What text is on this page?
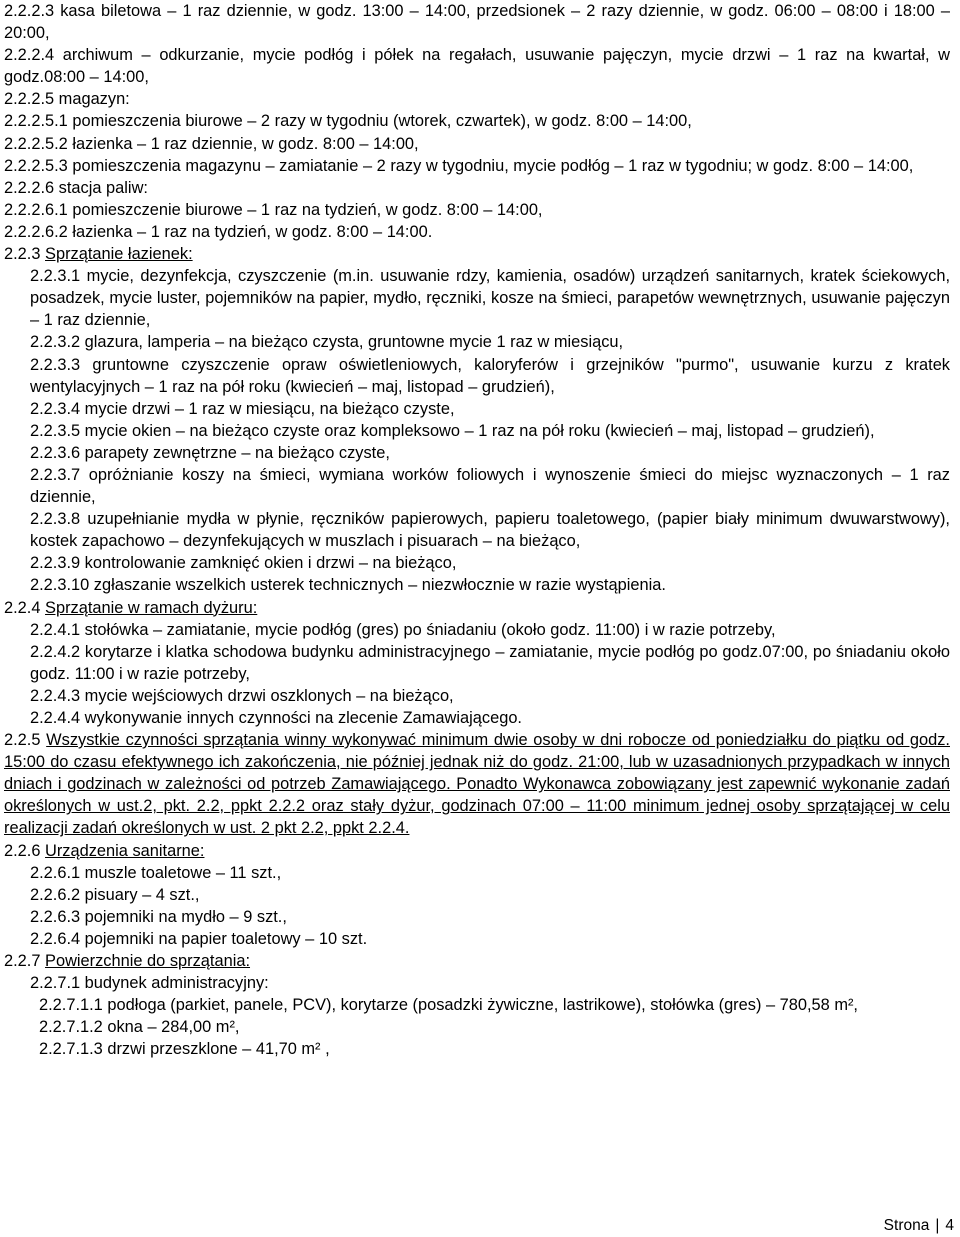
2.2.2.3 kasa biletowa – 1 raz dziennie, w godz. 13:00 – 14:00, przedsionek – 2 razy dziennie, w godz. 06:00 – 08:00 i 18:00 – 20:00,

2.2.2.4 archiwum – odkurzanie, mycie podłóg i półek na regałach, usuwanie pajęczyn, mycie drzwi – 1 raz na kwartał, w godz.08:00 – 14:00,

2.2.2.5 magazyn:

2.2.2.5.1 pomieszczenia biurowe – 2 razy w tygodniu (wtorek, czwartek), w godz. 8:00 – 14:00,

2.2.2.5.2 łazienka – 1 raz dziennie, w godz. 8:00 – 14:00,

2.2.2.5.3 pomieszczenia magazynu – zamiatanie – 2 razy w tygodniu, mycie podłóg – 1 raz w tygodniu; w godz. 8:00 – 14:00,

2.2.2.6 stacja paliw:

2.2.2.6.1 pomieszczenie biurowe – 1 raz na tydzień, w godz. 8:00 – 14:00,

2.2.2.6.2 łazienka – 1 raz na tydzień, w godz. 8:00 – 14:00.

2.2.3 Sprzątanie łazienek:

2.2.3.1 mycie, dezynfekcja, czyszczenie (m.in. usuwanie rdzy, kamienia, osadów) urządzeń sanitarnych, kratek ściekowych, posadzek, mycie luster, pojemników na papier, mydło, ręczniki, kosze na śmieci, parapetów wewnętrznych, usuwanie pajęczyn – 1 raz dziennie,

2.2.3.2 glazura, lamperia – na bieżąco czysta, gruntowne mycie 1 raz w miesiącu,

2.2.3.3 gruntowne czyszczenie opraw oświetleniowych, kaloryferów i grzejników "purmo", usuwanie kurzu z kratek wentylacyjnych – 1 raz na pół roku (kwiecień – maj, listopad – grudzień),

2.2.3.4 mycie drzwi – 1 raz w miesiącu, na bieżąco czyste,

2.2.3.5 mycie okien – na bieżąco czyste oraz kompleksowo – 1 raz na pół roku (kwiecień – maj, listopad – grudzień),

2.2.3.6 parapety zewnętrzne – na bieżąco czyste,

2.2.3.7 opróżnianie koszy na śmieci, wymiana worków foliowych i wynoszenie śmieci do miejsc wyznaczonych – 1 raz dziennie,

2.2.3.8 uzupełnianie mydła w płynie, ręczników papierowych, papieru toaletowego, (papier biały minimum dwuwarstwowy), kostek zapachowo – dezynfekujących w muszlach i pisuarach – na bieżąco,

2.2.3.9 kontrolowanie zamknięć okien i drzwi – na bieżąco,

2.2.3.10 zgłaszanie wszelkich usterek technicznych – niezwłocznie w razie wystąpienia.

2.2.4 Sprzątanie w ramach dyżuru:

2.2.4.1 stołówka – zamiatanie, mycie podłóg (gres) po śniadaniu (około godz. 11:00) i w razie potrzeby,

2.2.4.2 korytarze i klatka schodowa budynku administracyjnego – zamiatanie, mycie podłóg po godz.07:00, po śniadaniu około godz. 11:00 i w razie potrzeby,

2.2.4.3 mycie wejściowych drzwi oszklonych – na bieżąco,

2.2.4.4 wykonywanie innych czynności na zlecenie Zamawiającego.

2.2.5 Wszystkie czynności sprzątania winny wykonywać minimum dwie osoby w dni robocze od poniedziałku do piątku od godz. 15:00 do czasu efektywnego ich zakończenia, nie później jednak niż do godz. 21:00, lub w uzasadnionych przypadkach w innych dniach i godzinach w zależności od potrzeb Zamawiającego. Ponadto Wykonawca zobowiązany jest zapewnić wykonanie zadań określonych w ust.2, pkt. 2.2, ppkt 2.2.2 oraz stały dyżur, godzinach 07:00 – 11:00 minimum jednej osoby sprzątającej w celu realizacji zadań określonych w ust. 2 pkt 2.2, ppkt 2.2.4.

2.2.6 Urządzenia sanitarne:

2.2.6.1 muszle toaletowe – 11 szt.,

2.2.6.2 pisuary – 4 szt.,

2.2.6.3 pojemniki na mydło – 9 szt.,

2.2.6.4 pojemniki na papier toaletowy – 10 szt.

2.2.7 Powierzchnie do sprzątania:

2.2.7.1 budynek administracyjny:

2.2.7.1.1 podłoga (parkiet, panele, PCV), korytarze (posadzki żywiczne, lastrikowe), stołówka (gres) – 780,58 m²,

2.2.7.1.2 okna – 284,00 m²,

2.2.7.1.3 drzwi przeszklone – 41,70 m² ,

Strona | 4
